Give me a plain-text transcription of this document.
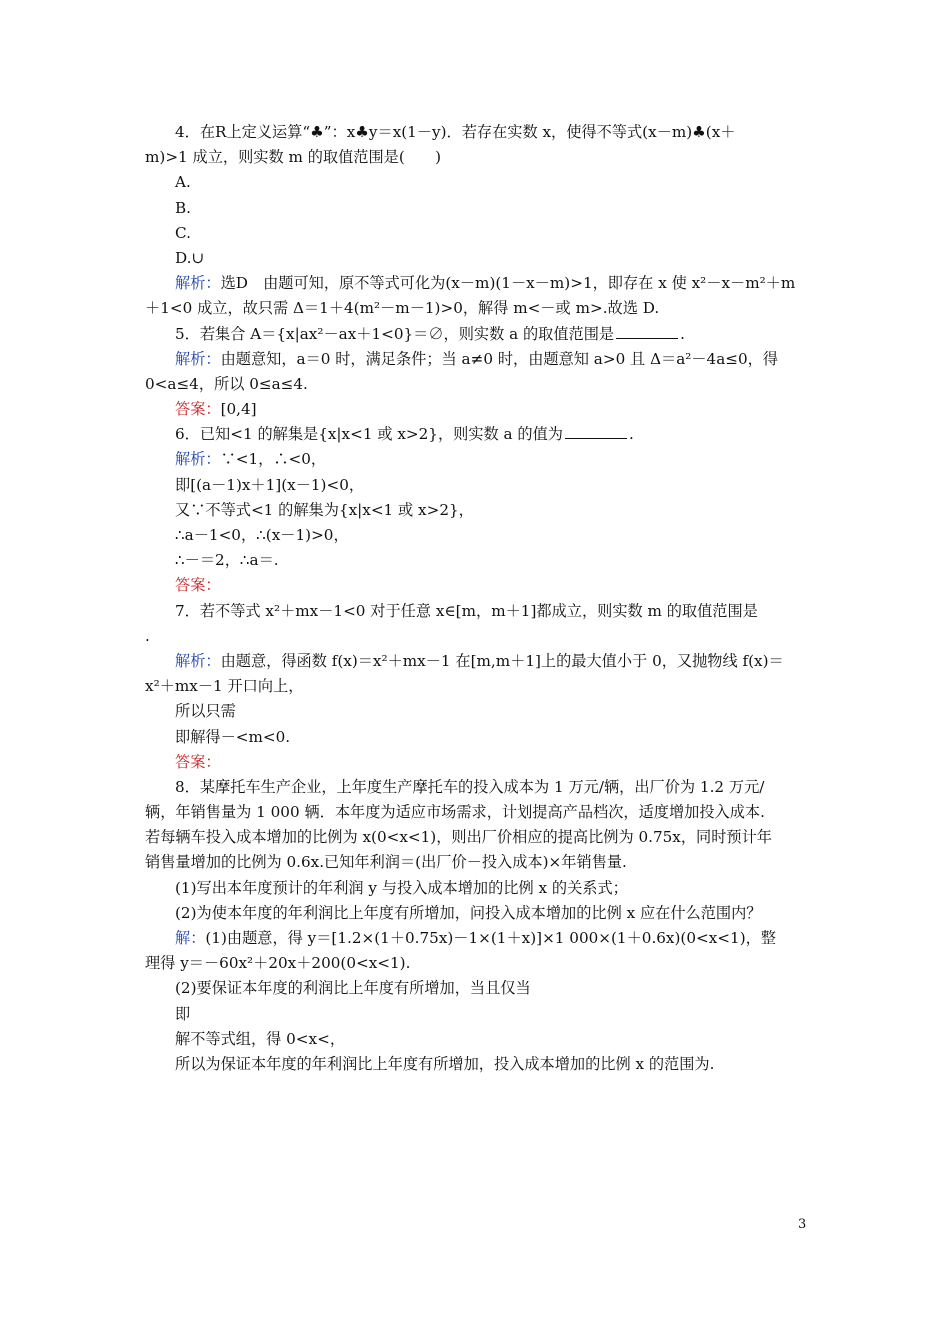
4．在R上定义运算“♣”：x♣y＝x(1－y)．若存在实数 x，使得不等式(x－m)♣(x＋
m)>1 成立，则实数 m 的取值范围是(　　)
A.
B.
C.
D.∪
解析：选D　由题可知，原不等式可化为(x－m)(1－x－m)>1，即存在 x 使 x²－x－m²＋m
＋1<0 成立，故只需 Δ＝1＋4(m²－m－1)>0，解得 m<－或 m>.故选 D.
5．若集合 A＝{x|ax²－ax＋1<0}＝∅，则实数 a 的取值范围是	.
解析：由题意知，a＝0 时，满足条件；当 a≠0 时，由题意知 a>0 且 Δ＝a²－4a≤0，得
0<a≤4，所以 0≤a≤4.
答案：[0,4]
6．已知<1 的解集是{x|x<1 或 x>2}，则实数 a 的值为	.
解析：∵<1，∴<0，
即[(a－1)x＋1](x－1)<0，
又∵不等式<1 的解集为{x|x<1 或 x>2}，
∴a－1<0，∴(x－1)>0，
∴－＝2，∴a＝.
答案：
7．若不等式 x²＋mx－1<0 对于任意 x∈[m，m＋1]都成立，则实数 m 的取值范围是
.
解析：由题意，得函数 f(x)＝x²＋mx－1 在[m,m＋1]上的最大值小于 0，又抛物线 f(x)＝
x²＋mx－1 开口向上，
所以只需
即解得－<m<0.
答案：
8．某摩托车生产企业，上年度生产摩托车的投入成本为 1 万元/辆，出厂价为 1.2 万元/
辆，年销售量为 1 000 辆．本年度为适应市场需求，计划提高产品档次，适度增加投入成本.
若每辆车投入成本增加的比例为 x(0<x<1)，则出厂价相应的提高比例为 0.75x，同时预计年
销售量增加的比例为 0.6x.已知年利润＝(出厂价－投入成本)×年销售量.
(1)写出本年度预计的年利润 y 与投入成本增加的比例 x 的关系式；
(2)为使本年度的年利润比上年度有所增加，问投入成本增加的比例 x 应在什么范围内？
解：(1)由题意，得 y＝[1.2×(1＋0.75x)－1×(1＋x)]×1 000×(1＋0.6x)(0<x<1)，整
理得 y＝－60x²＋20x＋200(0<x<1).
(2)要保证本年度的利润比上年度有所增加，当且仅当
即
解不等式组，得 0<x<，
所以为保证本年度的年利润比上年度有所增加，投入成本增加的比例 x 的范围为.
3
